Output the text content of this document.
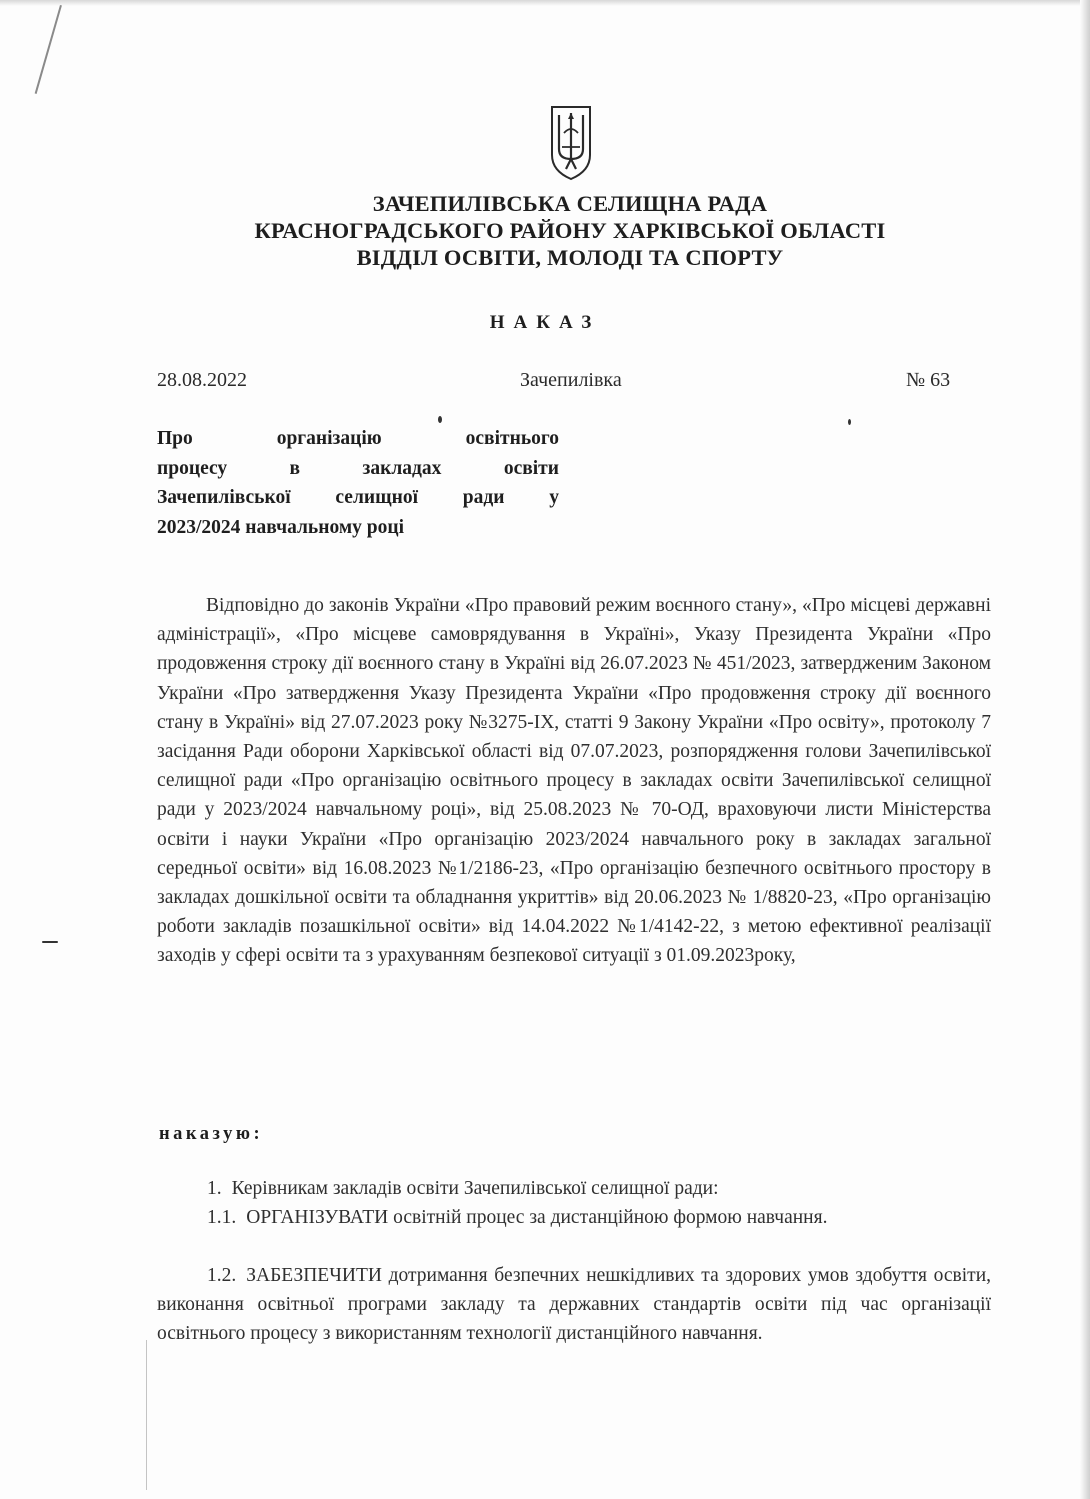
ЗАЧЕПИЛІВСЬКА СЕЛИЩНА РАДА
КРАСНОГРАДСЬКОГО РАЙОНУ ХАРКІВСЬКОЇ ОБЛАСТІ
ВІДДІЛ ОСВІТИ, МОЛОДІ ТА СПОРТУ
НАКАЗ
28.08.2022	Зачепилівка	№ 63
Про організацію освітнього
процесу в закладах освіти
Зачепилівської селищної ради у
2023/2024 навчальному році
Відповідно до законів України «Про правовий режим воєнного стану», «Про місцеві державні адміністрації», «Про місцеве самоврядування в Україні», Указу Президента України «Про продовження строку дії воєнного стану в Україні від 26.07.2023 № 451/2023, затвердженим Законом України «Про затвердження Указу Президента України «Про продовження строку дії воєнного стану в Україні» від 27.07.2023 року №3275-IX, статті 9 Закону України «Про освіту», протоколу 7 засідання Ради оборони Харківської області від 07.07.2023, розпорядження голови Зачепилівської селищної ради «Про організацію освітнього процесу в закладах освіти Зачепилівської селищної ради у 2023/2024 навчальному році», від 25.08.2023 № 70-ОД, враховуючи листи Міністерства освіти і науки України «Про організацію 2023/2024 навчального року в закладах загальної середньої освіти» від 16.08.2023 №1/2186-23, «Про організацію безпечного освітнього простору в закладах дошкільної освіти та обладнання укриттів» від 20.06.2023 № 1/8820-23, «Про організацію роботи закладів позашкільної освіти» від 14.04.2022 №1/4142-22, з метою ефективної реалізації заходів у сфері освіти та з урахуванням безпекової ситуації з 01.09.2023року,
наказую:
1. Керівникам закладів освіти Зачепилівської селищної ради:
1.1. ОРГАНІЗУВАТИ освітній процес за дистанційною формою навчання.
1.2. ЗАБЕЗПЕЧИТИ дотримання безпечних нешкідливих та здорових умов здобуття освіти, виконання освітньої програми закладу та державних стандартів освіти під час організації освітнього процесу з використанням технології дистанційного навчання.
